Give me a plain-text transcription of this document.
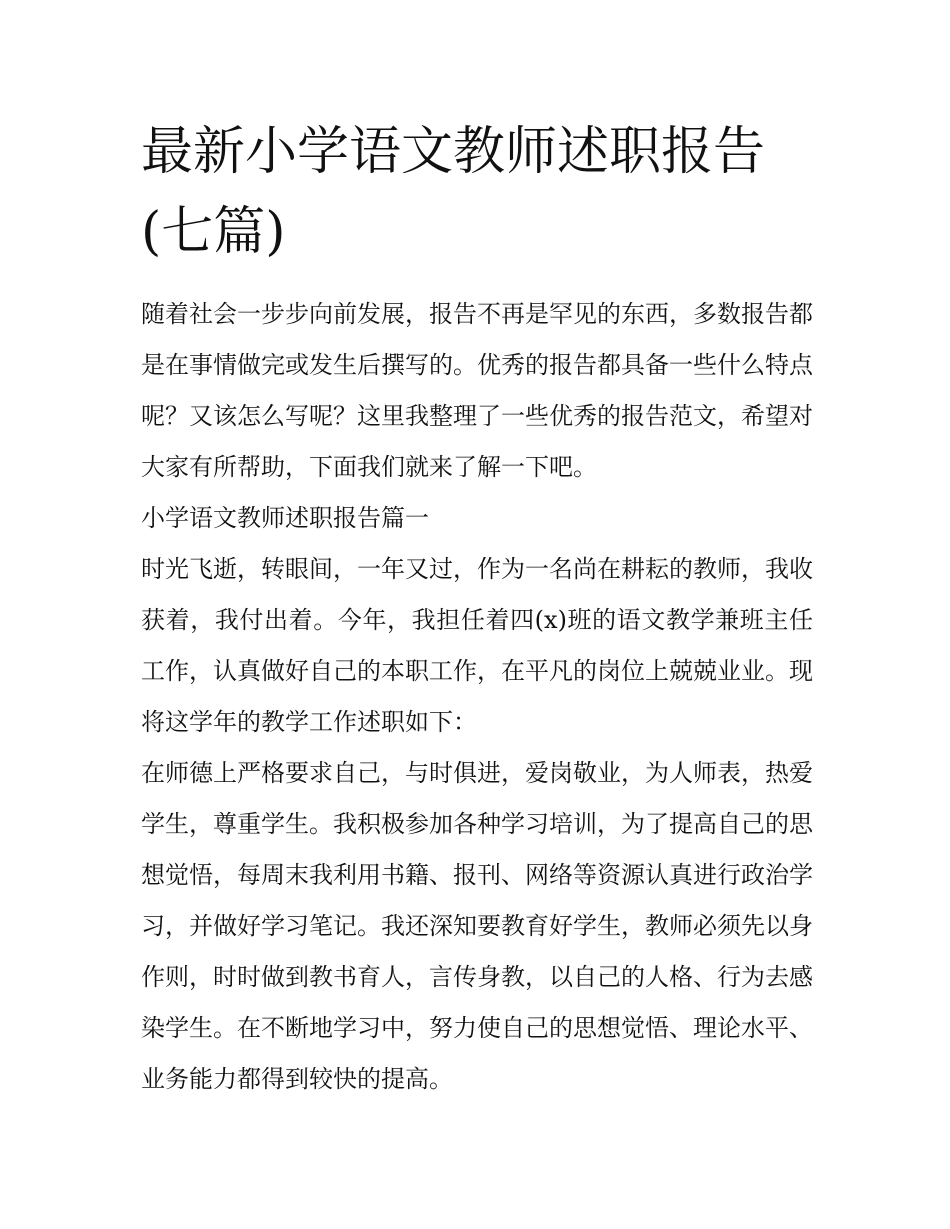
最新小学语文教师述职报告(七篇)

随着社会一步步向前发展，报告不再是罕见的东西，多数报告都是在事情做完或发生后撰写的。优秀的报告都具备一些什么特点呢？又该怎么写呢？这里我整理了一些优秀的报告范文，希望对大家有所帮助，下面我们就来了解一下吧。

小学语文教师述职报告篇一

时光飞逝，转眼间，一年又过，作为一名尚在耕耘的教师，我收获着，我付出着。今年，我担任着四(x)班的语文教学兼班主任工作，认真做好自己的本职工作，在平凡的岗位上兢兢业业。现将这学年的教学工作述职如下：

在师德上严格要求自己，与时俱进，爱岗敬业，为人师表，热爱学生，尊重学生。我积极参加各种学习培训，为了提高自己的思想觉悟，每周末我利用书籍、报刊、网络等资源认真进行政治学习，并做好学习笔记。我还深知要教育好学生，教师必须先以身作则，时时做到教书育人，言传身教，以自己的人格、行为去感染学生。在不断地学习中，努力使自己的思想觉悟、理论水平、业务能力都得到较快的提高。
